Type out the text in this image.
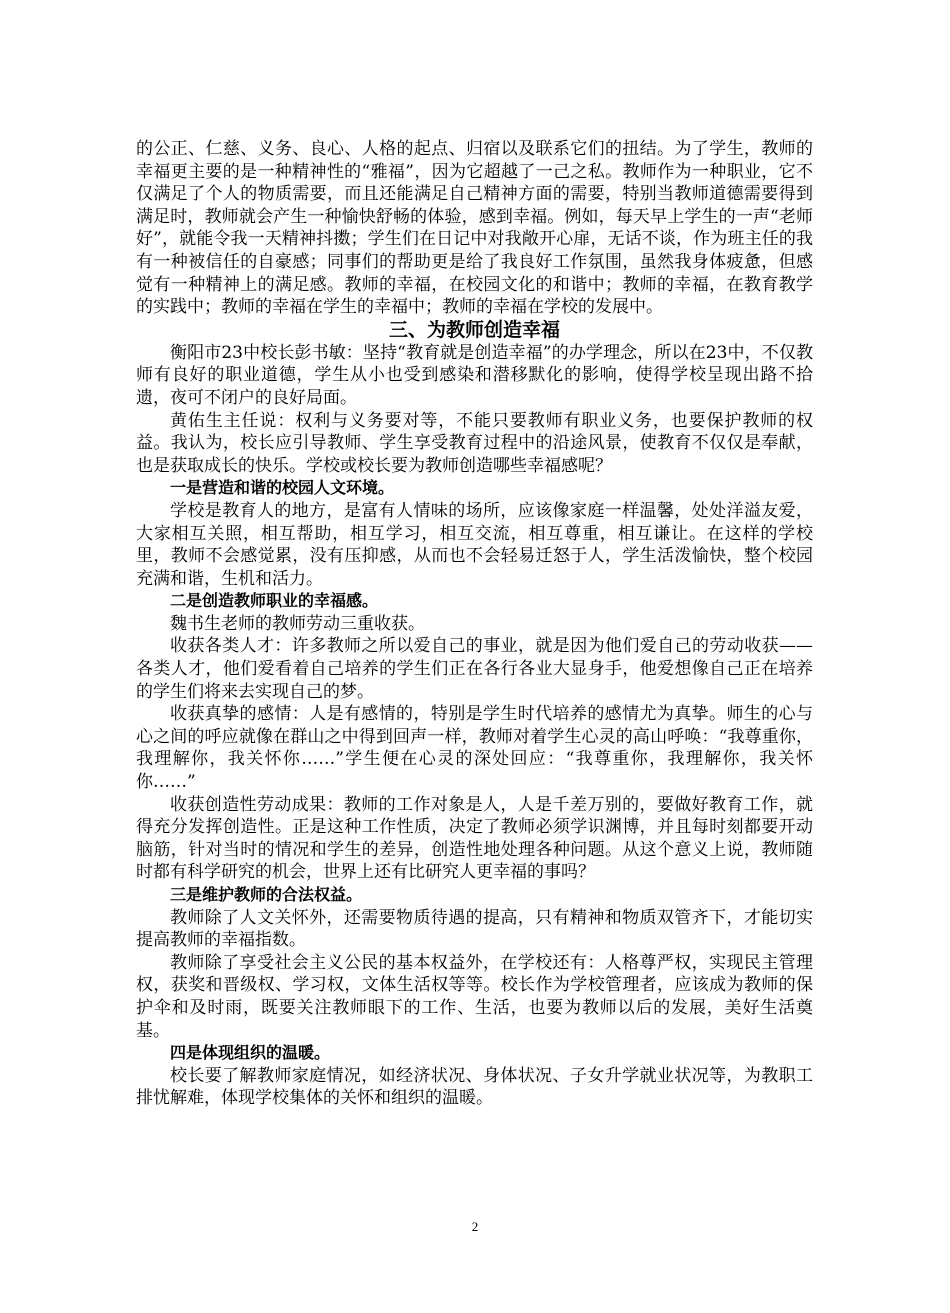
的公正、仁慈、义务、良心、人格的起点、归宿以及联系它们的扭结。为了学生，教师的幸福更主要的是一种精神性的“雅福”，因为它超越了一己之私。教师作为一种职业，它不仅满足了个人的物质需要，而且还能满足自己精神方面的需要，特别当教师道德需要得到满足时，教师就会产生一种愉快舒畅的体验，感到幸福。例如，每天早上学生的一声“老师好”，就能令我一天精神抖擞；学生们在日记中对我敞开心扉，无话不谈，作为班主任的我有一种被信任的自豪感；同事们的帮助更是给了我良好工作氛围，虽然我身体疲惫，但感觉有一种精神上的满足感。教师的幸福，在校园文化的和谐中；教师的幸福，在教育教学的实践中；教师的幸福在学生的幸福中；教师的幸福在学校的发展中。

三、为教师创造幸福

衡阳市23中校长彭书敏：坚持“教育就是创造幸福”的办学理念，所以在23中，不仅教师有良好的职业道德，学生从小也受到感染和潜移默化的影响，使得学校呈现出路不拾遗，夜可不闭户的良好局面。

黄佑生主任说：权利与义务要对等，不能只要教师有职业义务，也要保护教师的权益。我认为，校长应引导教师、学生享受教育过程中的沿途风景，使教育不仅仅是奉献，也是获取成长的快乐。学校或校长要为教师创造哪些幸福感呢？

一是营造和谐的校园人文环境。

学校是教育人的地方，是富有人情味的场所，应该像家庭一样温馨，处处洋溢友爱，大家相互关照，相互帮助，相互学习，相互交流，相互尊重，相互谦让。在这样的学校里，教师不会感觉累，没有压抑感，从而也不会轻易迁怒于人，学生活泼愉快，整个校园充满和谐，生机和活力。

二是创造教师职业的幸福感。

魏书生老师的教师劳动三重收获。

收获各类人才：许多教师之所以爱自己的事业，就是因为他们爱自己的劳动收获——各类人才，他们爱看着自己培养的学生们正在各行各业大显身手，他爱想像自己正在培养的学生们将来去实现自己的梦。

收获真挚的感情：人是有感情的，特别是学生时代培养的感情尤为真挚。师生的心与心之间的呼应就像在群山之中得到回声一样，教师对着学生心灵的高山呼唤：“我尊重你，我理解你，我关怀你……”学生便在心灵的深处回应：“我尊重你，我理解你，我关怀你……”

收获创造性劳动成果：教师的工作对象是人，人是千差万别的，要做好教育工作，就得充分发挥创造性。正是这种工作性质，决定了教师必须学识渊博，并且每时刻都要开动脑筋，针对当时的情况和学生的差异，创造性地处理各种问题。从这个意义上说，教师随时都有科学研究的机会，世界上还有比研究人更幸福的事吗？

三是维护教师的合法权益。

教师除了人文关怀外，还需要物质待遇的提高，只有精神和物质双管齐下，才能切实提高教师的幸福指数。

教师除了享受社会主义公民的基本权益外，在学校还有：人格尊严权，实现民主管理权，获奖和晋级权、学习权，文体生活权等等。校长作为学校管理者，应该成为教师的保护伞和及时雨，既要关注教师眼下的工作、生活，也要为教师以后的发展，美好生活奠基。

四是体现组织的温暖。

校长要了解教师家庭情况，如经济状况、身体状况、子女升学就业状况等，为教职工排忧解难，体现学校集体的关怀和组织的温暖。

2
